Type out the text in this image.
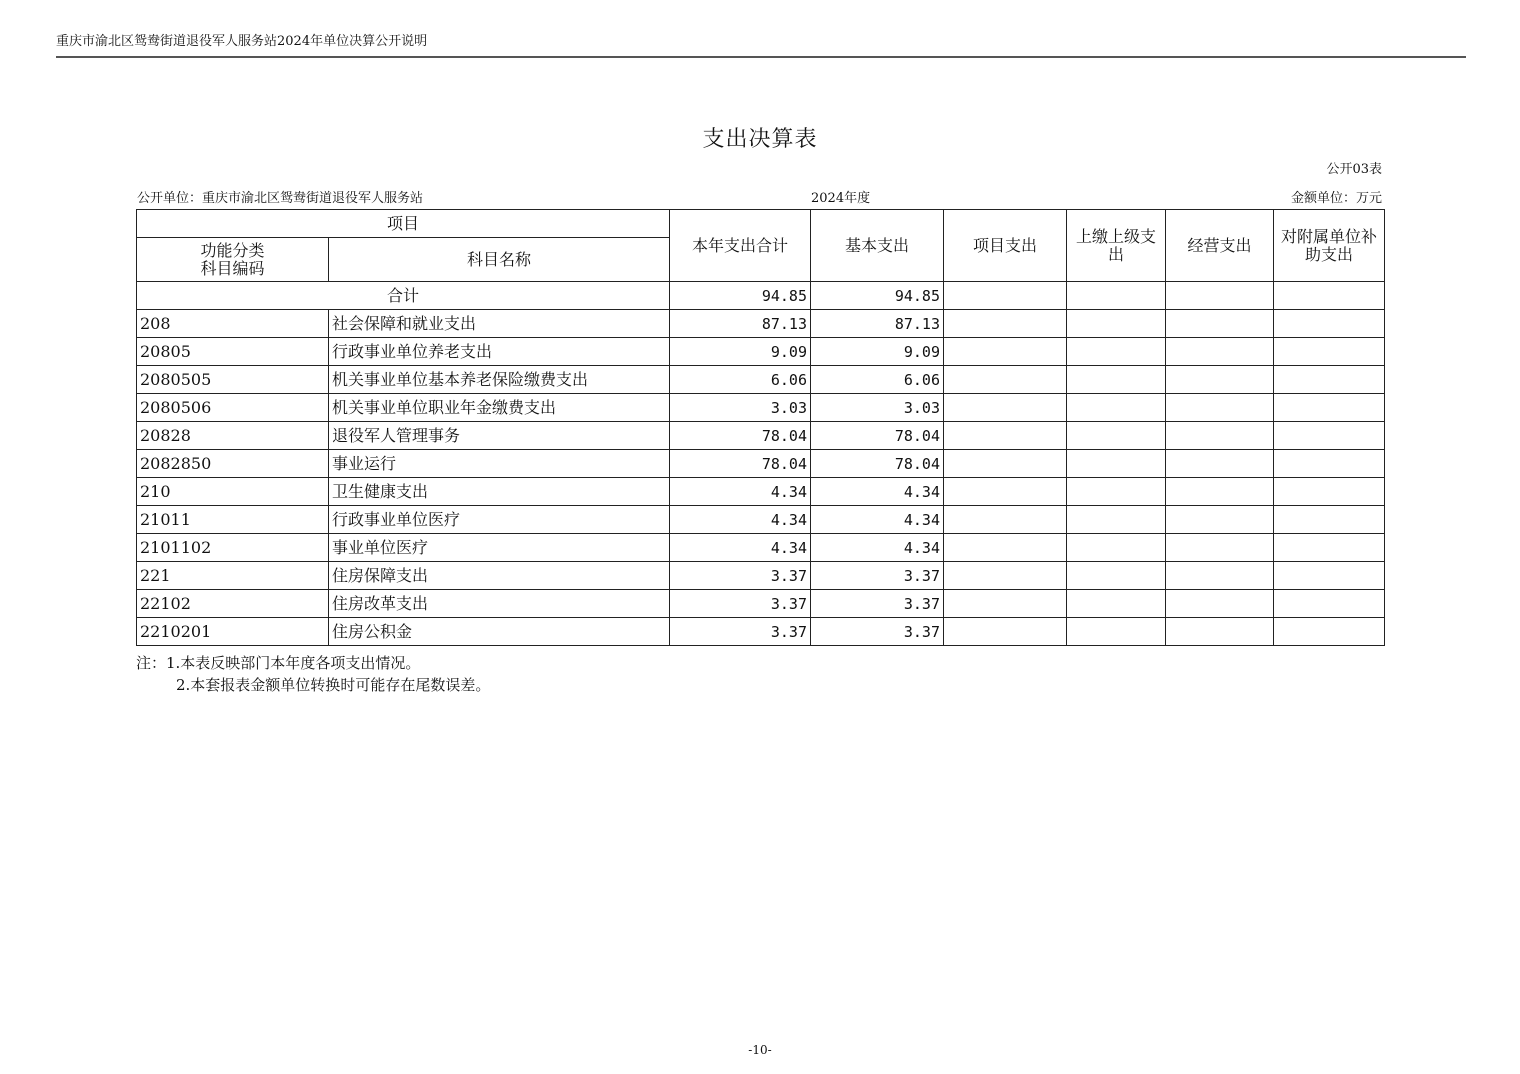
重庆市渝北区鸳鸯街道退役军人服务站2024年单位决算公开说明
支出决算表
公开03表
公开单位：重庆市渝北区鸳鸯街道退役军人服务站	2024年度	金额单位：万元
项目		本年支出合计	基本支出	项目支出	上缴上级支出	经营支出	对附属单位补助支出
功能分类
科目编码	科目名称						
合计		94.85	94.85				
208	社会保障和就业支出	87.13	87.13				
20805	行政事业单位养老支出	9.09	9.09				
2080505	机关事业单位基本养老保险缴费支出	6.06	6.06				
2080506	机关事业单位职业年金缴费支出	3.03	3.03				
20828	退役军人管理事务	78.04	78.04				
2082850	事业运行	78.04	78.04				
210	卫生健康支出	4.34	4.34				
21011	行政事业单位医疗	4.34	4.34				
2101102	事业单位医疗	4.34	4.34				
221	住房保障支出	3.37	3.37				
22102	住房改革支出	3.37	3.37				
2210201	住房公积金	3.37	3.37				
注：1.本表反映部门本年度各项支出情况。
2.本套报表金额单位转换时可能存在尾数误差。
-10-
